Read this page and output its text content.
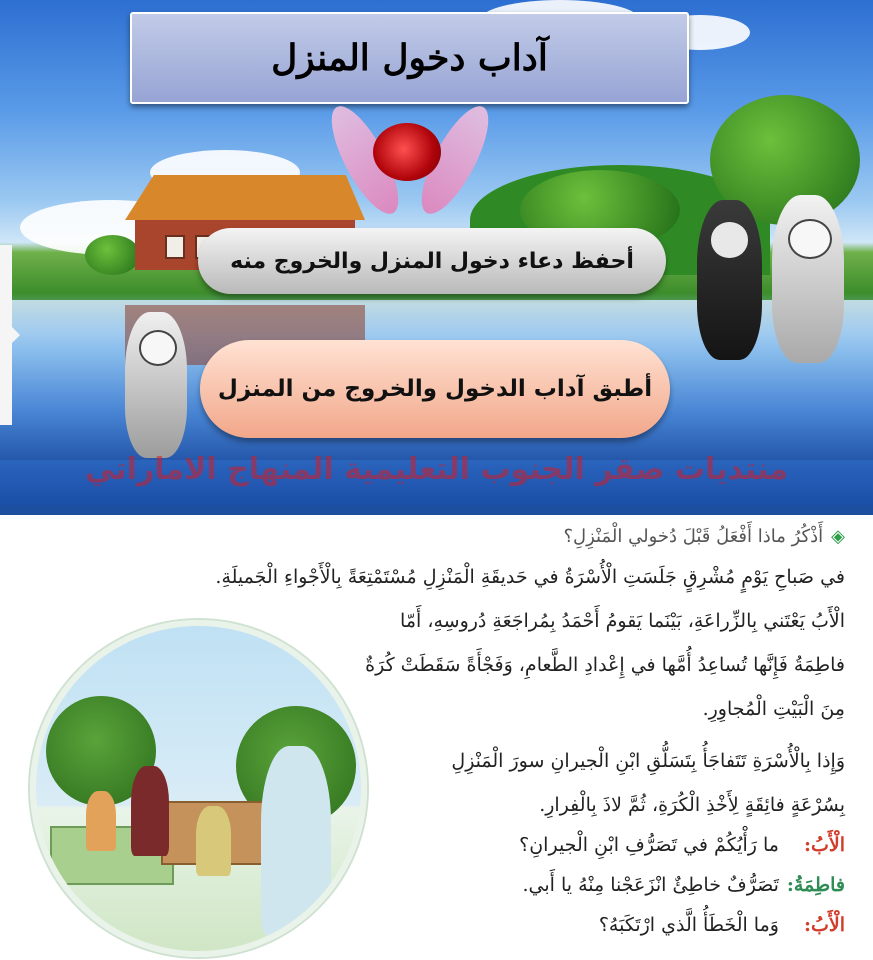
آداب دخول المنزل
أحفظ دعاء دخول المنزل والخروج منه
أطبق آداب الدخول والخروج من المنزل
منتديات صقر الجنوب التعليمية المنهاج الاماراتي
◈أَذْكُرُ ماذا أَفْعَلُ قَبْلَ دُخولي الْمَنْزِلِ؟
في صَباحِ يَوْمٍ مُشْرِقٍ جَلَسَتِ الْأُسْرَةُ في حَديقَةِ الْمَنْزِلِ مُسْتَمْتِعَةً بِالْأَجْواءِ الْجَميلَةِ.
الْأَبُ يَعْتَني بِالزِّراعَةِ، بَيْنَما يَقومُ أَحْمَدُ بِمُراجَعَةِ دُروسِهِ، أَمّا
فاطِمَةُ فَإِنَّها تُساعِدُ أُمَّها في إِعْدادِ الطَّعامِ، وَفَجْأَةً سَقَطَتْ كُرَةٌ
مِنَ الْبَيْتِ الْمُجاوِرِ.
وَإِذا بِالْأُسْرَةِ تَتَفاجَأُ بِتَسَلُّقِ ابْنِ الْجيرانِ سورَ الْمَنْزِلِ
بِسُرْعَةٍ فائِقَةٍ لِأَخْذِ الْكُرَةِ، ثُمَّ لاذَ بِالْفِرارِ.
الْأَبُ: ما رَأْيُكُمْ في تَصَرُّفِ ابْنِ الْجيرانِ؟
فاطِمَةُ: تَصَرُّفٌ خاطِئٌ انْزَعَجْنا مِنْهُ يا أَبي.
الْأَبُ: وَما الْخَطَأُ الَّذي ارْتَكَبَهُ؟
